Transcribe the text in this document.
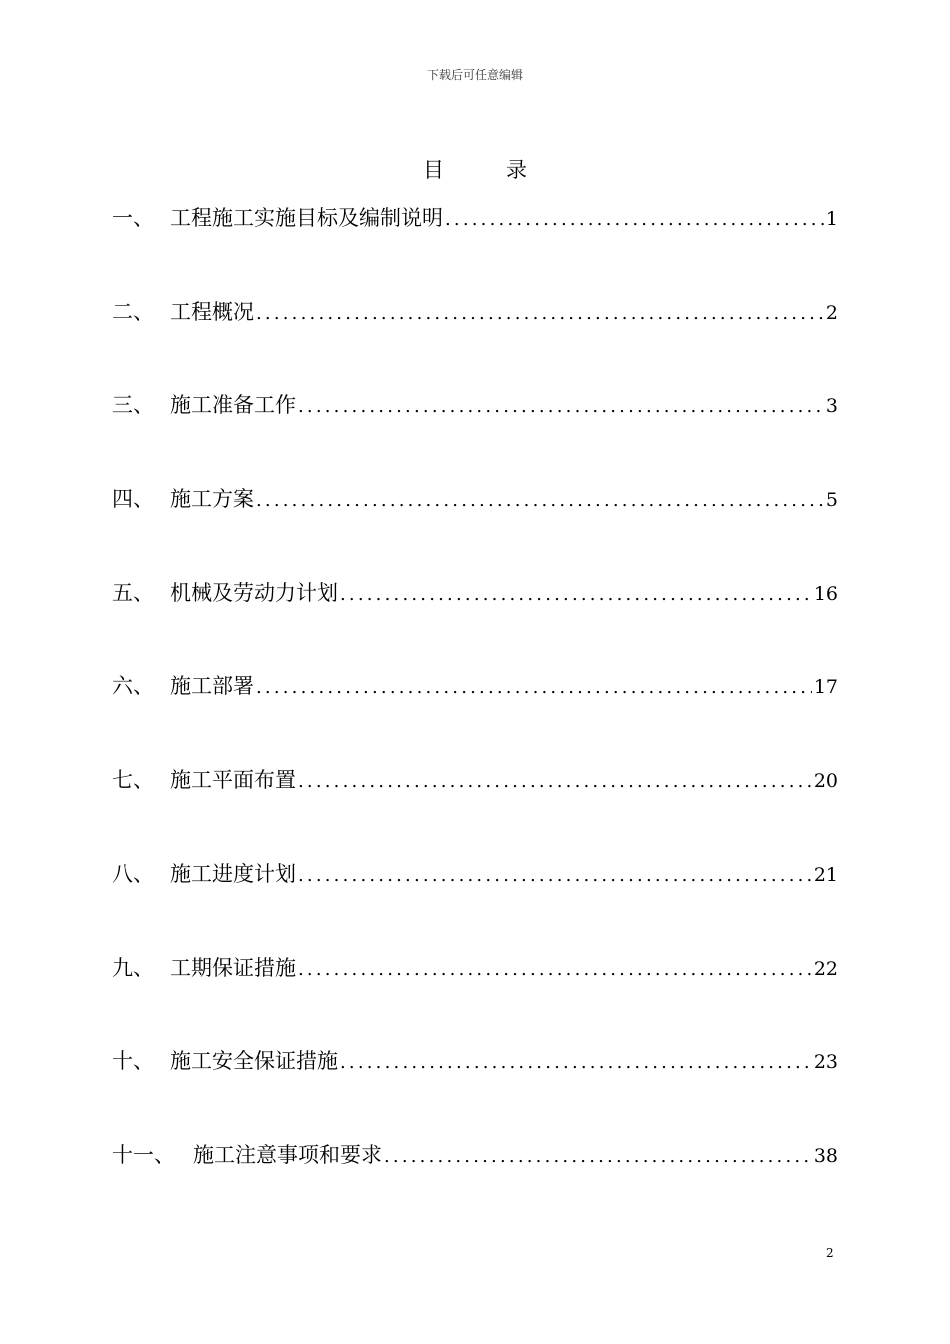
下载后可任意编辑
目	录
一、 工程施工实施目标及编制说明 .....	1
二、 工程概况 .....	2
三、 施工准备工作 .....	3
四、 施工方案 .....	5
五、 机械及劳动力计划 .....	16
六、 施工部署 .....	17
七、 施工平面布置 .....	20
八、 施工进度计划 .....	21
九、 工期保证措施 .....	22
十、 施工安全保证措施 .....	23
十一、 施工注意事项和要求 .....	38
2
